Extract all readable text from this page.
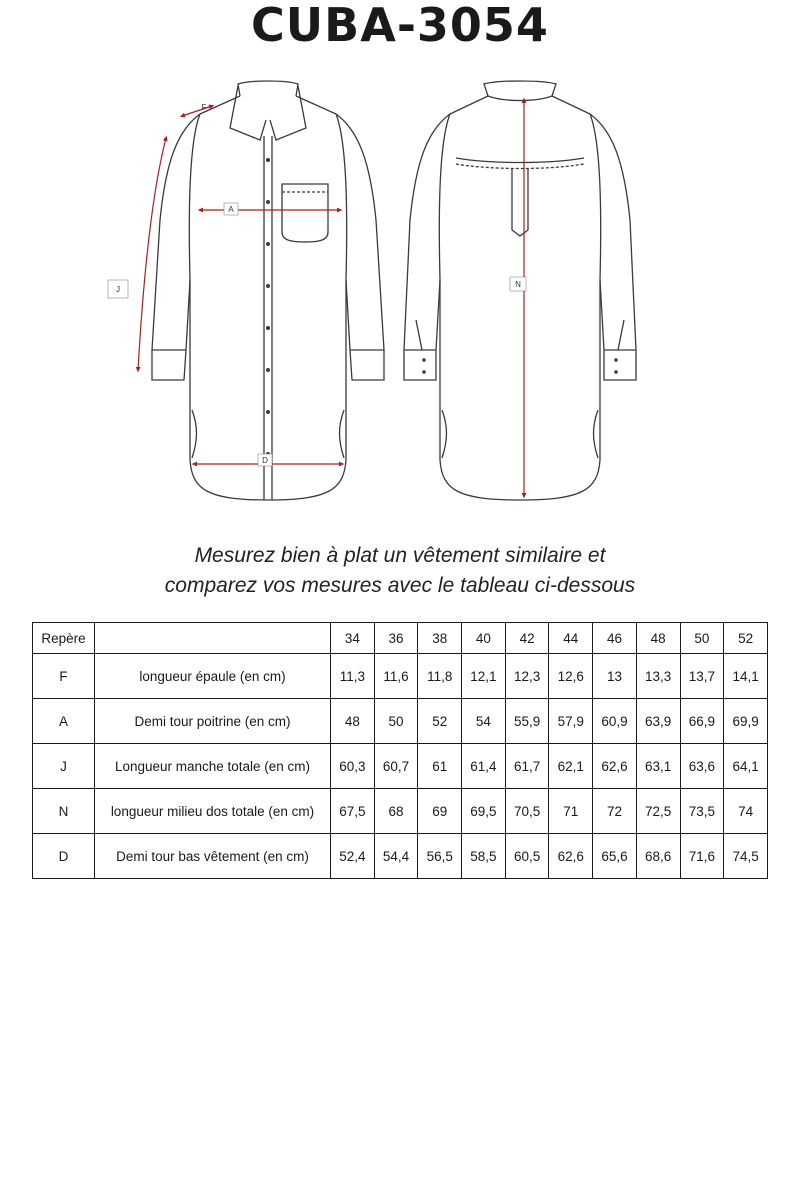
CUBA-3054
F
A
J
D
N
Mesurez bien à plat un vêtement similaire et
comparez vos mesures avec le tableau ci-dessous
Repère		34	36	38	40	42	44	46	48	50	52
F	longueur épaule (en cm)	11,3	11,6	11,8	12,1	12,3	12,6	13	13,3	13,7	14,1
A	Demi tour poitrine (en cm)	48	50	52	54	55,9	57,9	60,9	63,9	66,9	69,9
J	Longueur manche totale (en cm)	60,3	60,7	61	61,4	61,7	62,1	62,6	63,1	63,6	64,1
N	longueur milieu dos totale (en cm)	67,5	68	69	69,5	70,5	71	72	72,5	73,5	74
D	Demi tour bas vêtement (en cm)	52,4	54,4	56,5	58,5	60,5	62,6	65,6	68,6	71,6	74,5
